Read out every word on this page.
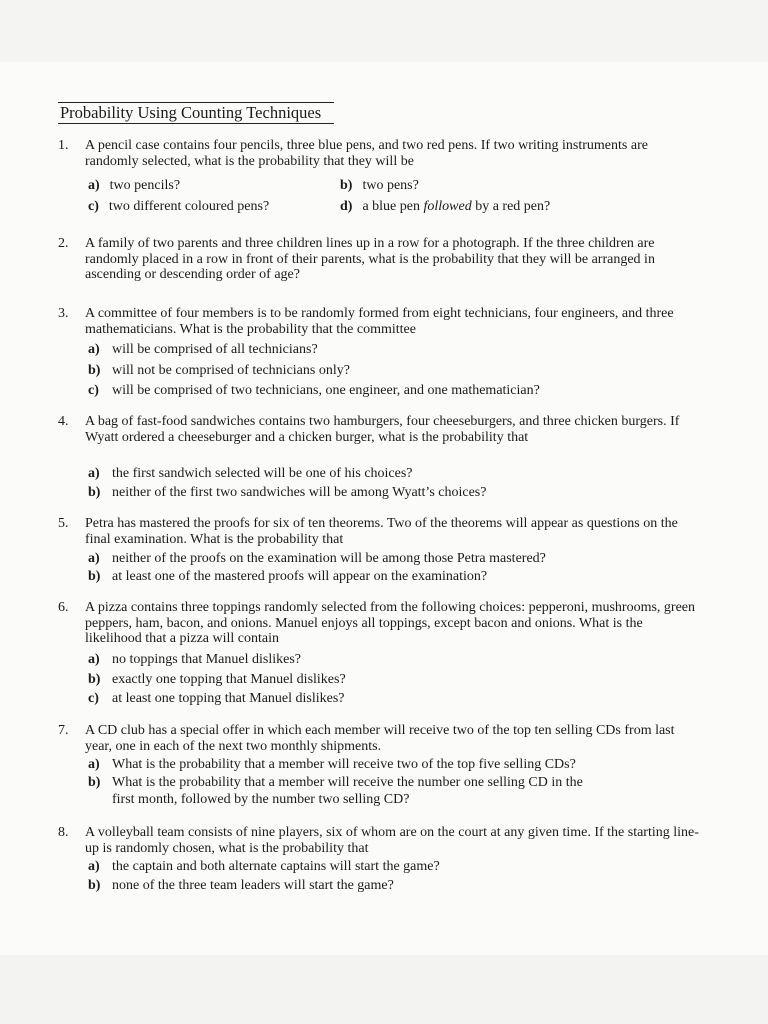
Probability Using Counting Techniques
1.	A pencil case contains four pencils, three blue pens, and two red pens. If two writing instruments are randomly selected, what is the probability that they will be
a) two pencils?	b) two pens?
c) two different coloured pens?	d) a blue pen followed by a red pen?
2.	A family of two parents and three children lines up in a row for a photograph. If the three children are randomly placed in a row in front of their parents, what is the probability that they will be arranged in ascending or descending order of age?
3.	A committee of four members is to be randomly formed from eight technicians, four engineers, and three mathematicians. What is the probability that the committee
a) will be comprised of all technicians?
b) will not be comprised of technicians only?
c) will be comprised of two technicians, one engineer, and one mathematician?
4.	A bag of fast-food sandwiches contains two hamburgers, four cheeseburgers, and three chicken burgers. If Wyatt ordered a cheeseburger and a chicken burger, what is the probability that
a) the first sandwich selected will be one of his choices?
b) neither of the first two sandwiches will be among Wyatt’s choices?
5.	Petra has mastered the proofs for six of ten theorems. Two of the theorems will appear as questions on the final examination. What is the probability that
a) neither of the proofs on the examination will be among those Petra mastered?
b) at least one of the mastered proofs will appear on the examination?
6.	A pizza contains three toppings randomly selected from the following choices: pepperoni, mushrooms, green peppers, ham, bacon, and onions. Manuel enjoys all toppings, except bacon and onions. What is the likelihood that a pizza will contain
a) no toppings that Manuel dislikes?
b) exactly one topping that Manuel dislikes?
c) at least one topping that Manuel dislikes?
7.	A CD club has a special offer in which each member will receive two of the top ten selling CDs from last year, one in each of the next two monthly shipments.
a) What is the probability that a member will receive two of the top five selling CDs?
b) What is the probability that a member will receive the number one selling CD in the
first month, followed by the number two selling CD?
8.	A volleyball team consists of nine players, six of whom are on the court at any given time. If the starting line-up is randomly chosen, what is the probability that
a) the captain and both alternate captains will start the game?
b) none of the three team leaders will start the game?
